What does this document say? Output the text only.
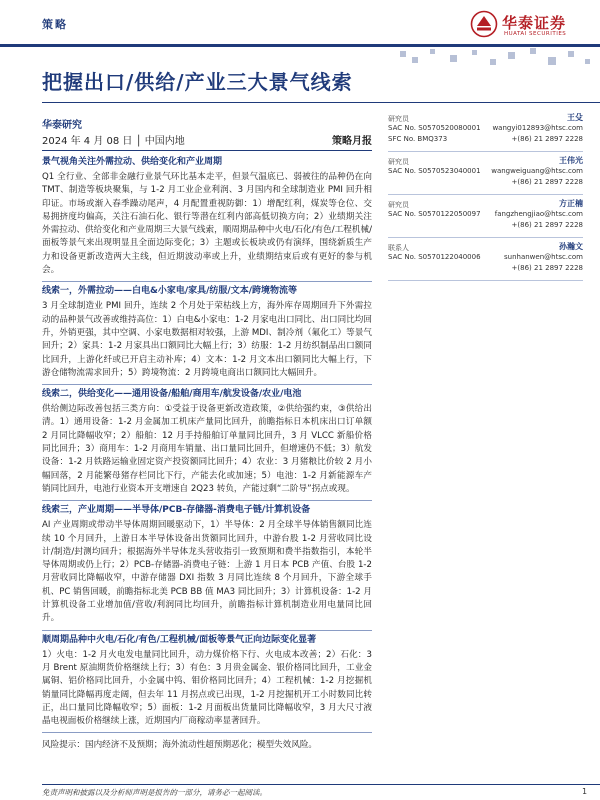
策略	华泰证券
HUATAI SECURITIES
把握出口/供给/产业三大景气线索
华泰研究
2024 年 4 月 08 日 │ 中国内地	策略月报
景气视角关注外需拉动、供给变化和产业周期
Q1 全行业、全部非金融行业景气环比基本走平，但景气温底已、弱被往的品种仍在向 TMT、制造等板块聚集，与 1-2 月工业企业利润、3 月国内和全球制造业 PMI 回升相印证。市场或渐入春季躁动尾声，4 月配置重视防御：1）增配红利，煤炭等仓位、交易拥挤度均偏高，关注石油石化、银行等潜在红利内部高低切换方向；2）业绩期关注外需拉动、供给变化和产业周期三大景气线索，顺周期品种中火电/石化/有色/工程机械/面板等景气来出现明显且全面边际变化；3）主题或长板块或仍有演绎，围绕新质生产力和设备更新改造两大主线，但近期波动率或上升，业绩期结束后或有更好的参与机会。
线索一，外需拉动——白电&小家电/家具/纺服/文本/跨境物流等
3 月全球制造业 PMI 回升，连续 2 个月处于荣枯线上方，海外库存周期回升下外需拉动的品种景气改善或维持高位：1）白电&小家电：1-2 月家电出口同比、出口同比均回升，外销更强，其中空调、小家电数据相对较强，上游 MDI、制冷剂（氟化工）等景气回升；2）家具：1-2 月家具出口额同比大幅上行；3）纺服：1-2 月纺织制品出口额同比回升，上游化纤或已开启主动补库；4）文本：1-2 月文本出口额同比大幅上行，下游仓储物流需求回升；5）跨境物流：2 月跨境电商出口额同比大幅回升。
线索二，供给变化——通用设备/船舶/商用车/航发设备/农业/电池
供给侧边际改善包括三类方向：①受益于设备更新改造政策，②供给强约束，③供给出清。1）通用设备：1-2 月金属加工机床产量同比回升，前瞻指标日本机床出口订单额 2 月同比降幅收窄；2）船舶：12 月手持船舶订单量同比回升，3 月 VLCC 新船价格同比回升；3）商用车：1-2 月商用车销量、出口量同比回升，但增速仍不低；3）航发设备：1-2 月铁路运输业固定资产投资额同比回升；4）农业：3 月猪粮比价较 2 月小幅回落，2 月能繁母猪存栏同比下行，产能去化或加速；5）电池：1-2 月新能源车产销同比回升，电池行业资本开支增速自 2Q23 转负，产能过剩“二阶导”拐点或现。
线索三，产业周期——半导体/PCB-存储器-消费电子链/计算机设备
AI 产业周期或带动半导体周期回暖驱动下，1）半导体：2 月全球半导体销售额同比连续 10 个月回升，上游日本半导体设备出货额同比回升，中游台股 1-2 月营收同比设计/制造/封测均回升；根据海外半导体龙头营收指引一致预期和费半指数指引，本轮半导体周期或仍上行；2）PCB-存储器-消费电子链：上游 1 月日本 PCB 产值、台股 1-2 月营收同比降幅收窄，中游存储器 DXI 指数 3 月同比连续 8 个月回升，下游全球手机、PC 销售回暖，前瞻指标北美 PCB BB 值 MA3 同比回升；3）计算机设备：1-2 月计算机设备工业增加值/营收/利润同比均回升，前瞻指标计算机制造业用电量同比回升。
顺周期品种中火电/石化/有色/工程机械/面板等景气正向边际变化显著
1）火电：1-2 月火电发电量同比回升，动力煤价格下行、火电成本改善；2）石化：3 月 Brent 原油期货价格继续上行；3）有色：3 月贵金属金、银价格同比回升，工业金属铜、铝价格同比回升，小金属中钨、钼价格同比回升；4）工程机械：1-2 月挖掘机销量同比降幅再度走阔，但去年 11 月拐点或已出现，1-2 月挖掘机开工小时数同比转正，出口量同比降幅收窄；5）面板：1-2 月面板出货量同比降幅收窄，3 月大尺寸液晶电视面板价格继续上涨，近期国内厂商稼动率显著回升。
风险提示：国内经济不及预期；海外流动性超预期恶化；模型失效风险。
研究员	王殳
SAC No. S0570520080001 wangyi012893@htsc.com
SFC No. BMQ373	+(86) 21 2897 2228
研究员	王伟光
SAC No. S0570523040001 wangweiguang@htsc.com
+(86) 21 2897 2228
研究员	方正楠
SAC No. S0570122050097 fangzhengjiao@htsc.com
+(86) 21 2897 2228
联系人	孙瀚文
SAC No. S0570122040006	sunhanwen@htsc.com
+(86) 21 2897 2228
免责声明和披露以及分析师声明是报告的一部分，请务必一起阅读。	1
